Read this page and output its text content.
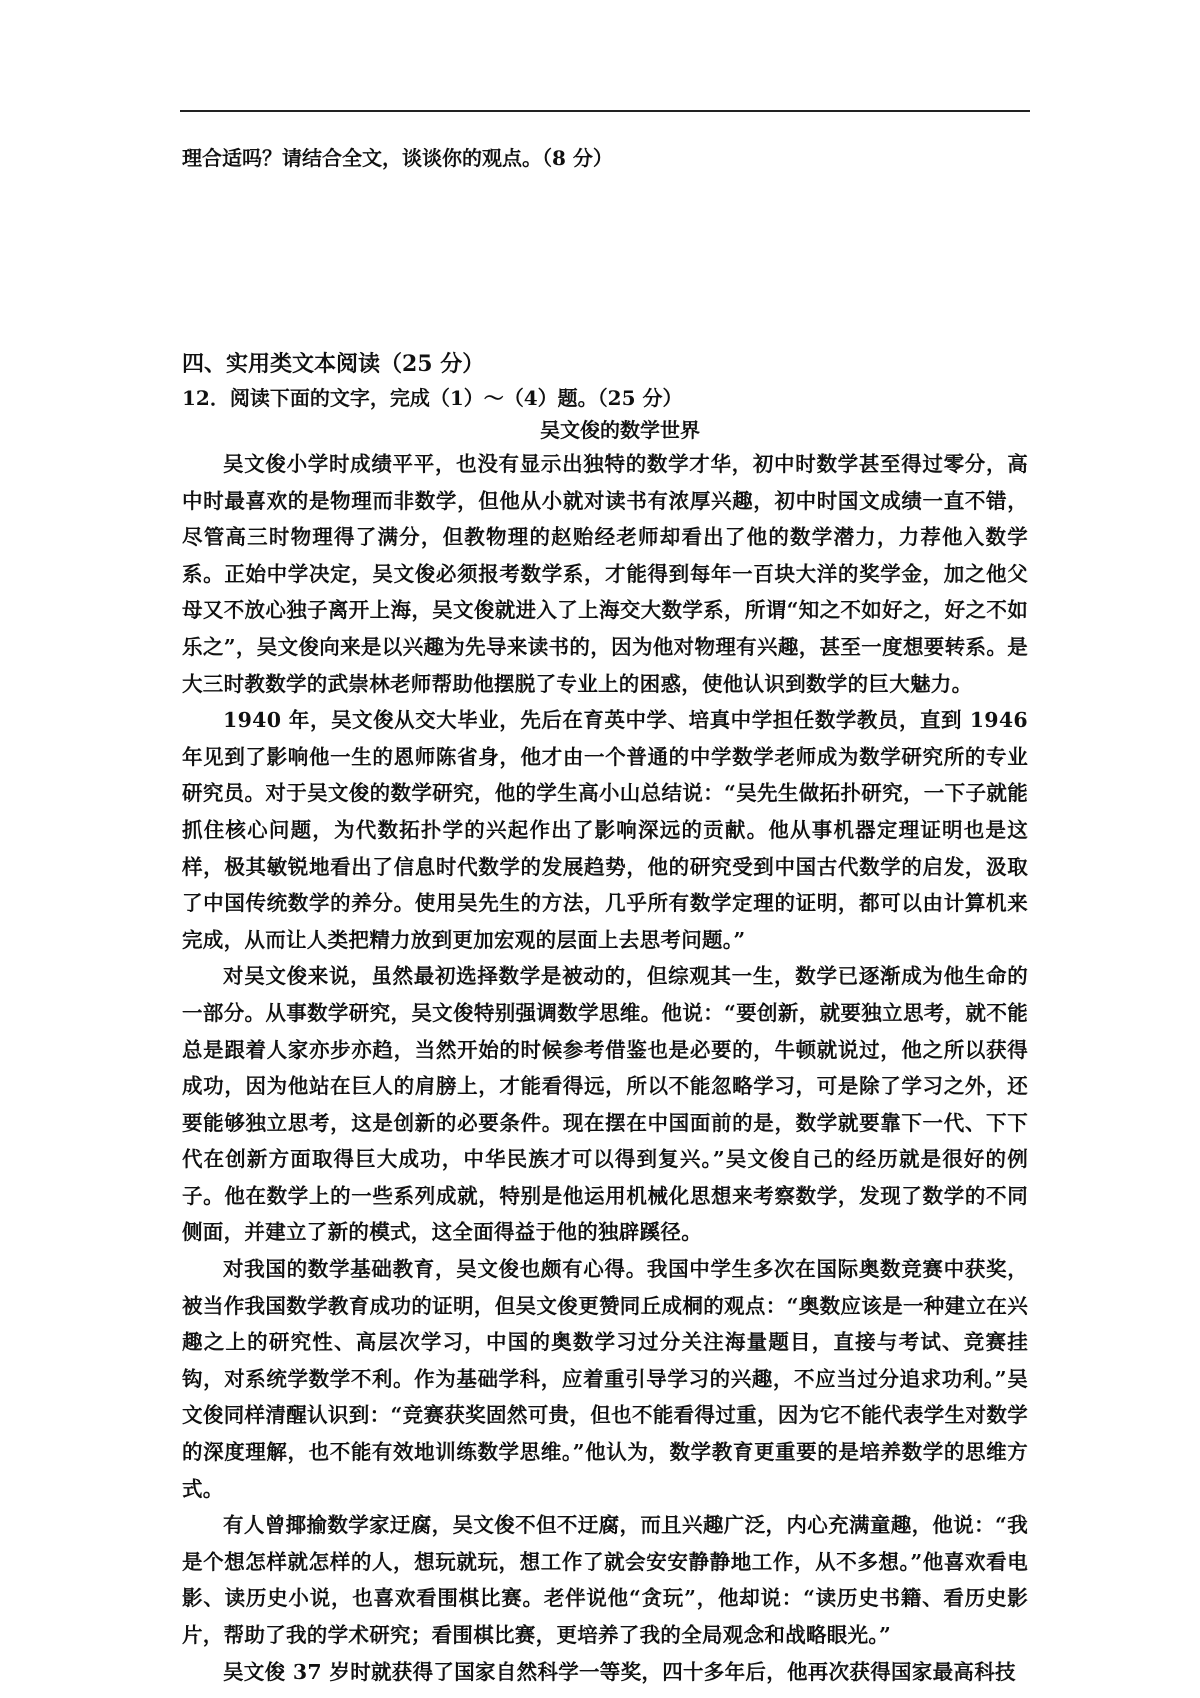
理合适吗？请结合全文，谈谈你的观点。（8 分）

四、实用类文本阅读（25 分）

12．阅读下面的文字，完成（1）～（4）题。（25 分）

吴文俊的数学世界

吴文俊小学时成绩平平，也没有显示出独特的数学才华，初中时数学甚至得过零分，高中时最喜欢的是物理而非数学，但他从小就对读书有浓厚兴趣，初中时国文成绩一直不错，尽管高三时物理得了满分，但教物理的赵贻经老师却看出了他的数学潜力，力荐他入数学系。正始中学决定，吴文俊必须报考数学系，才能得到每年一百块大洋的奖学金，加之他父母又不放心独子离开上海，吴文俊就进入了上海交大数学系，所谓“知之不如好之，好之不如乐之”，吴文俊向来是以兴趣为先导来读书的，因为他对物理有兴趣，甚至一度想要转系。是大三时教数学的武崇林老师帮助他摆脱了专业上的困惑，使他认识到数学的巨大魅力。

1940 年，吴文俊从交大毕业，先后在育英中学、培真中学担任数学教员，直到 1946 年见到了影响他一生的恩师陈省身，他才由一个普通的中学数学老师成为数学研究所的专业研究员。对于吴文俊的数学研究，他的学生高小山总结说：“吴先生做拓扑研究，一下子就能抓住核心问题，为代数拓扑学的兴起作出了影响深远的贡献。他从事机器定理证明也是这样，极其敏锐地看出了信息时代数学的发展趋势，他的研究受到中国古代数学的启发，汲取了中国传统数学的养分。使用吴先生的方法，几乎所有数学定理的证明，都可以由计算机来完成，从而让人类把精力放到更加宏观的层面上去思考问题。”

对吴文俊来说，虽然最初选择数学是被动的，但综观其一生，数学已逐渐成为他生命的一部分。从事数学研究，吴文俊特别强调数学思维。他说：“要创新，就要独立思考，就不能总是跟着人家亦步亦趋，当然开始的时候参考借鉴也是必要的，牛顿就说过，他之所以获得成功，因为他站在巨人的肩膀上，才能看得远，所以不能忽略学习，可是除了学习之外，还要能够独立思考，这是创新的必要条件。现在摆在中国面前的是，数学就要靠下一代、下下代在创新方面取得巨大成功，中华民族才可以得到复兴。”吴文俊自己的经历就是很好的例子。他在数学上的一些系列成就，特别是他运用机械化思想来考察数学，发现了数学的不同侧面，并建立了新的模式，这全面得益于他的独辟蹊径。

对我国的数学基础教育，吴文俊也颇有心得。我国中学生多次在国际奥数竞赛中获奖，被当作我国数学教育成功的证明，但吴文俊更赞同丘成桐的观点：“奥数应该是一种建立在兴趣之上的研究性、高层次学习，中国的奥数学习过分关注海量题目，直接与考试、竞赛挂钩，对系统学数学不利。作为基础学科，应着重引导学习的兴趣，不应当过分追求功利。”吴文俊同样清醒认识到：“竞赛获奖固然可贵，但也不能看得过重，因为它不能代表学生对数学的深度理解，也不能有效地训练数学思维。”他认为，数学教育更重要的是培养数学的思维方式。

有人曾揶揄数学家迂腐，吴文俊不但不迂腐，而且兴趣广泛，内心充满童趣，他说：“我是个想怎样就怎样的人，想玩就玩，想工作了就会安安静静地工作，从不多想。”他喜欢看电影、读历史小说，也喜欢看围棋比赛。老伴说他“贪玩”，他却说：“读历史书籍、看历史影片，帮助了我的学术研究；看围棋比赛，更培养了我的全局观念和战略眼光。”

吴文俊 37 岁时就获得了国家自然科学一等奖，四十多年后，他再次获得国家最高科技
